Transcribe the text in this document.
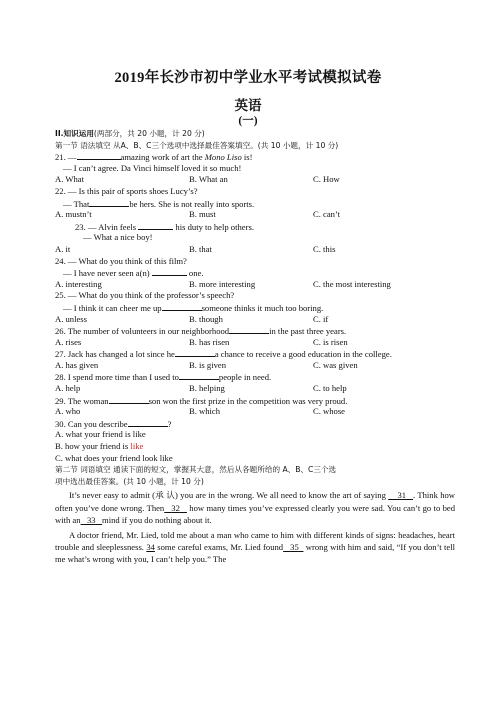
2019年长沙市初中学业水平考试模拟试卷
英语
(一)
II.知识运用(两部分，共 20 小题，计 20 分)
第一节 语法填空 从A、B、C三个选项中选择最佳答案填空。(共 10 小题，计 10 分)
21. —	amazing work of art the Mono Liso is!
— I can’t agree. Da Vinci himself loved it so much!
A. What	B. What an	C. How
22. — Is this pair of sports shoes Lucy’s?
— That	be hers. She is not really into sports.
A. mustn’t	B. must	C. can’t
23. — Alvin feels	his duty to help others.
— What a nice boy!
A. it	B. that	C. this
24. — What do you think of this film?
— I have never seen a(n)	one.
A. interesting	B. more interesting	C. the most interesting
25. — What do you think of the professor’s speech?
— I think it can cheer me up	someone thinks it much too boring.
A. unless	B. though	C. if
26. The number of volunteers in our neighborhood	in the past three years.
A. rises	B. has risen	C. is risen
27. Jack has changed a lot since he	a chance to receive a good education in the college.
A. has given	B. is given	C. was given
28. I spend more time than I used to	people in need.
A. help	B. helping	C. to help
29. The woman	son won the first prize in the competition was very proud.
A. who	B. which	C. whose
30. Can you describe	?
A. what your friend is like
B. how your friend is like
C. what does your friend look like
第二节 词语填空 通读下面的短文，掌握其大意，然后从各题所给的 A、B、C三个选
项中选出最佳答案。(共 10 小题，计 10 分)
It’s never easy to admit (承 认) you are in the wrong. We all need to know the art of saying     31 . Think how often you’ve done wrong. Then 32    how many times you’ve expressed clearly you were sad. You can’t go to bed with an 33 mind if you do nothing about it.
A doctor friend, Mr. Lied, told me about a man who came to him with different kinds of signs: headaches, heart trouble and sleeplessness. 34 some careful exams, Mr. Lied found 35   wrong with him and said, “If you don’t tell me what’s wrong with you, I can’t help you.” The
